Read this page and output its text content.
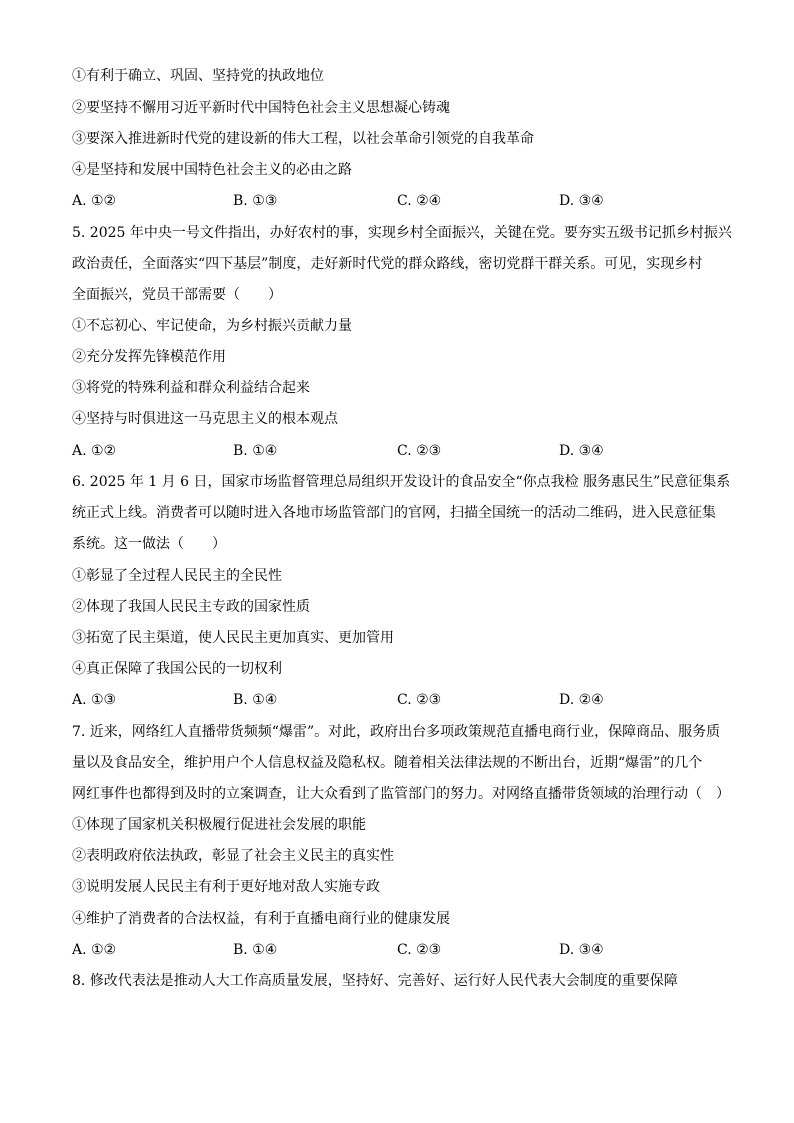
①有利于确立、巩固、坚持党的执政地位
②要坚持不懈用习近平新时代中国特色社会主义思想凝心铸魂
③要深入推进新时代党的建设新的伟大工程，以社会革命引领党的自我革命
④是坚持和发展中国特色社会主义的必由之路
A. ①②	B. ①③	C. ②④	D. ③④
5. 2025 年中央一号文件指出，办好农村的事，实现乡村全面振兴，关键在党。要夯实五级书记抓乡村振兴
政治责任，全面落实“四下基层”制度，走好新时代党的群众路线，密切党群干群关系。可见，实现乡村
全面振兴，党员干部需要（　　）
①不忘初心、牢记使命，为乡村振兴贡献力量
②充分发挥先锋模范作用
③将党的特殊利益和群众利益结合起来
④坚持与时俱进这一马克思主义的根本观点
A. ①②	B. ①④	C. ②③	D. ③④
6. 2025 年 1 月 6 日，国家市场监督管理总局组织开发设计的食品安全“你点我检 服务惠民生”民意征集系
统正式上线。消费者可以随时进入各地市场监管部门的官网，扫描全国统一的活动二维码，进入民意征集
系统。这一做法（　　）
①彰显了全过程人民民主的全民性
②体现了我国人民民主专政的国家性质
③拓宽了民主渠道，使人民民主更加真实、更加管用
④真正保障了我国公民的一切权利
A. ①③	B. ①④	C. ②③	D. ②④
7. 近来，网络红人直播带货频频“爆雷”。对此，政府出台多项政策规范直播电商行业，保障商品、服务质
量以及食品安全，维护用户个人信息权益及隐私权。随着相关法律法规的不断出台，近期“爆雷”的几个
网红事件也都得到及时的立案调查，让大众看到了监管部门的努力。对网络直播带货领域的治理行动（　）
①体现了国家机关积极履行促进社会发展的职能
②表明政府依法执政，彰显了社会主义民主的真实性
③说明发展人民民主有利于更好地对敌人实施专政
④维护了消费者的合法权益，有利于直播电商行业的健康发展
A. ①②	B. ①④	C. ②③	D. ③④
8. 修改代表法是推动人大工作高质量发展，坚持好、完善好、运行好人民代表大会制度的重要保障
